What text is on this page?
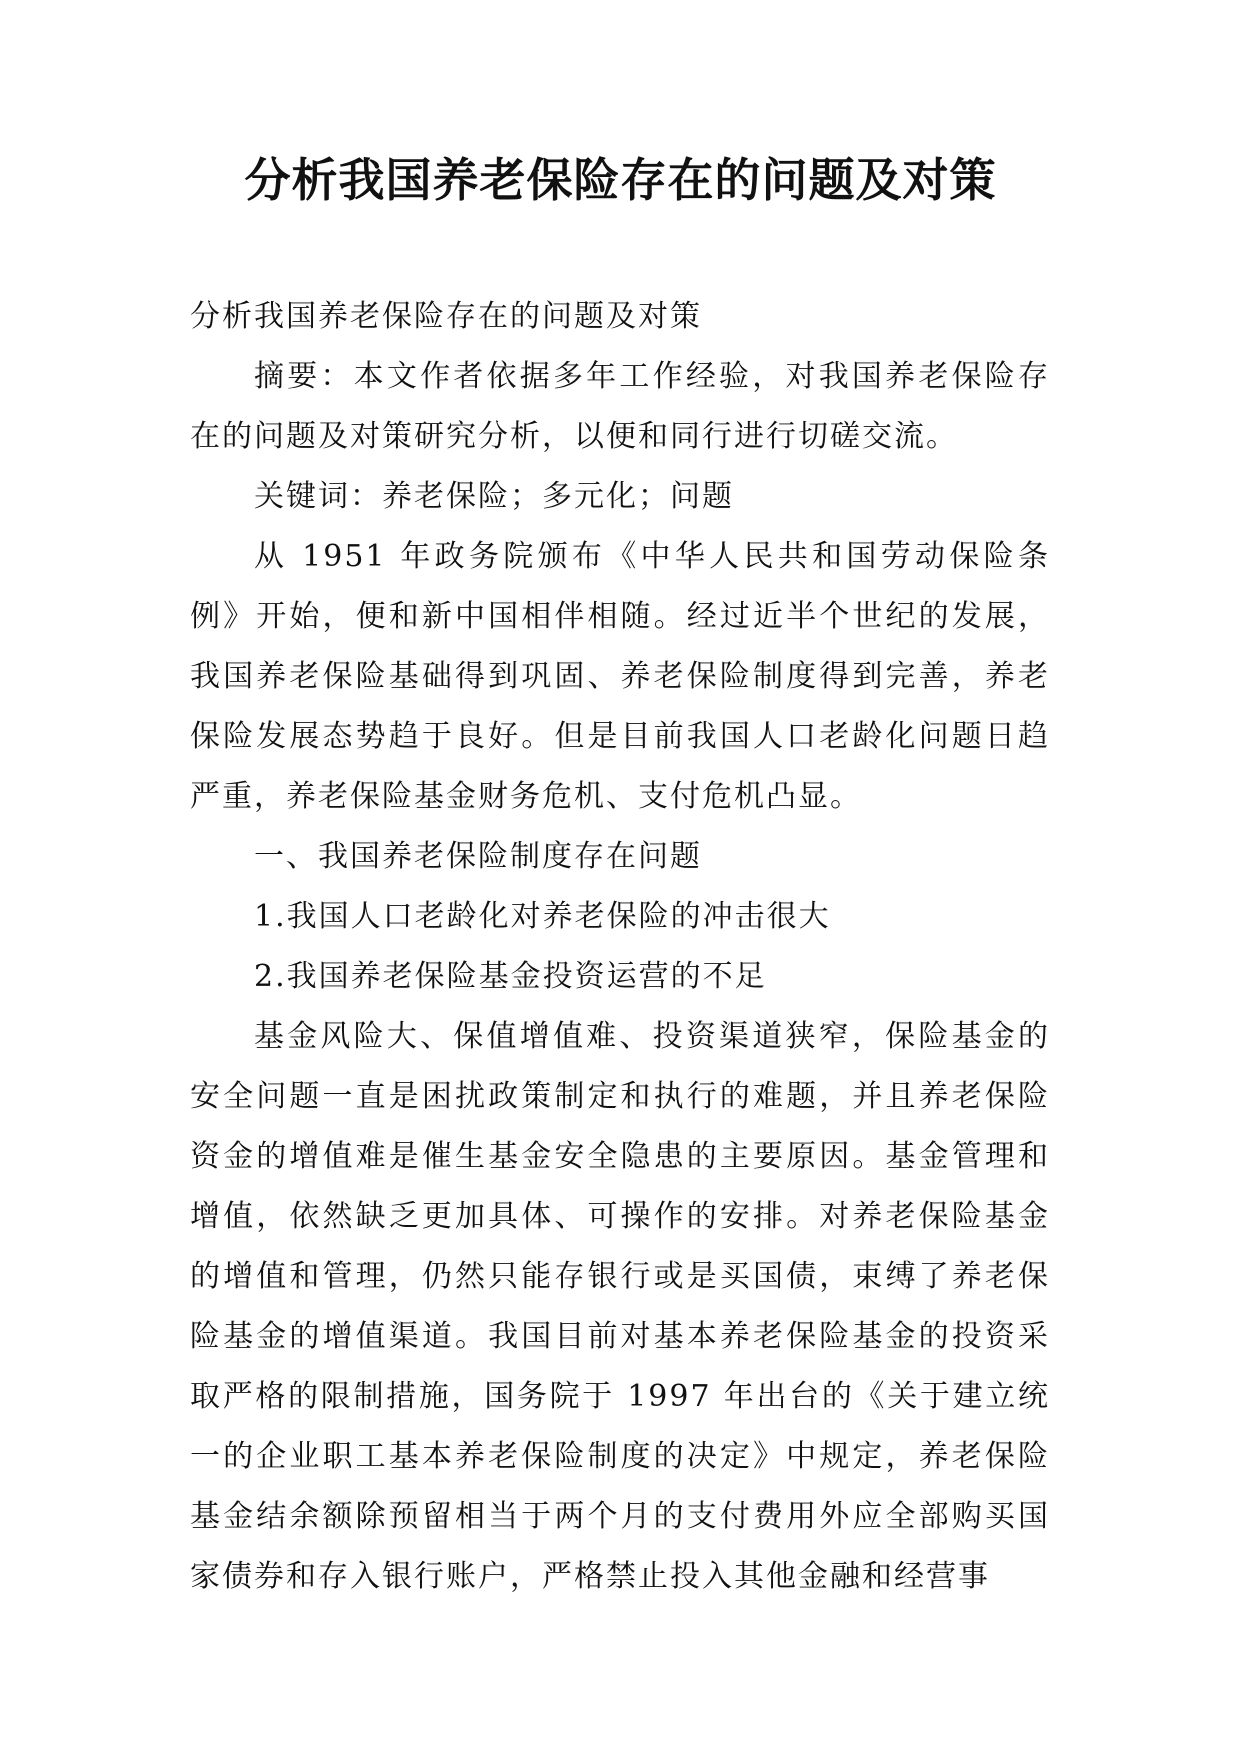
分析我国养老保险存在的问题及对策

分析我国养老保险存在的问题及对策

摘要：本文作者依据多年工作经验，对我国养老保险存在的问题及对策研究分析，以便和同行进行切磋交流。

关键词：养老保险；多元化；问题

从 1951 年政务院颁布《中华人民共和国劳动保险条例》开始，便和新中国相伴相随。经过近半个世纪的发展，我国养老保险基础得到巩固、养老保险制度得到完善，养老保险发展态势趋于良好。但是目前我国人口老龄化问题日趋严重，养老保险基金财务危机、支付危机凸显。

一、我国养老保险制度存在问题

1.我国人口老龄化对养老保险的冲击很大

2.我国养老保险基金投资运营的不足

基金风险大、保值增值难、投资渠道狭窄，保险基金的安全问题一直是困扰政策制定和执行的难题，并且养老保险资金的增值难是催生基金安全隐患的主要原因。基金管理和增值，依然缺乏更加具体、可操作的安排。对养老保险基金的增值和管理，仍然只能存银行或是买国债，束缚了养老保险基金的增值渠道。我国目前对基本养老保险基金的投资采取严格的限制措施，国务院于 1997 年出台的《关于建立统一的企业职工基本养老保险制度的决定》中规定，养老保险基金结余额除预留相当于两个月的支付费用外应全部购买国家债券和存入银行账户，严格禁止投入其他金融和经营事
